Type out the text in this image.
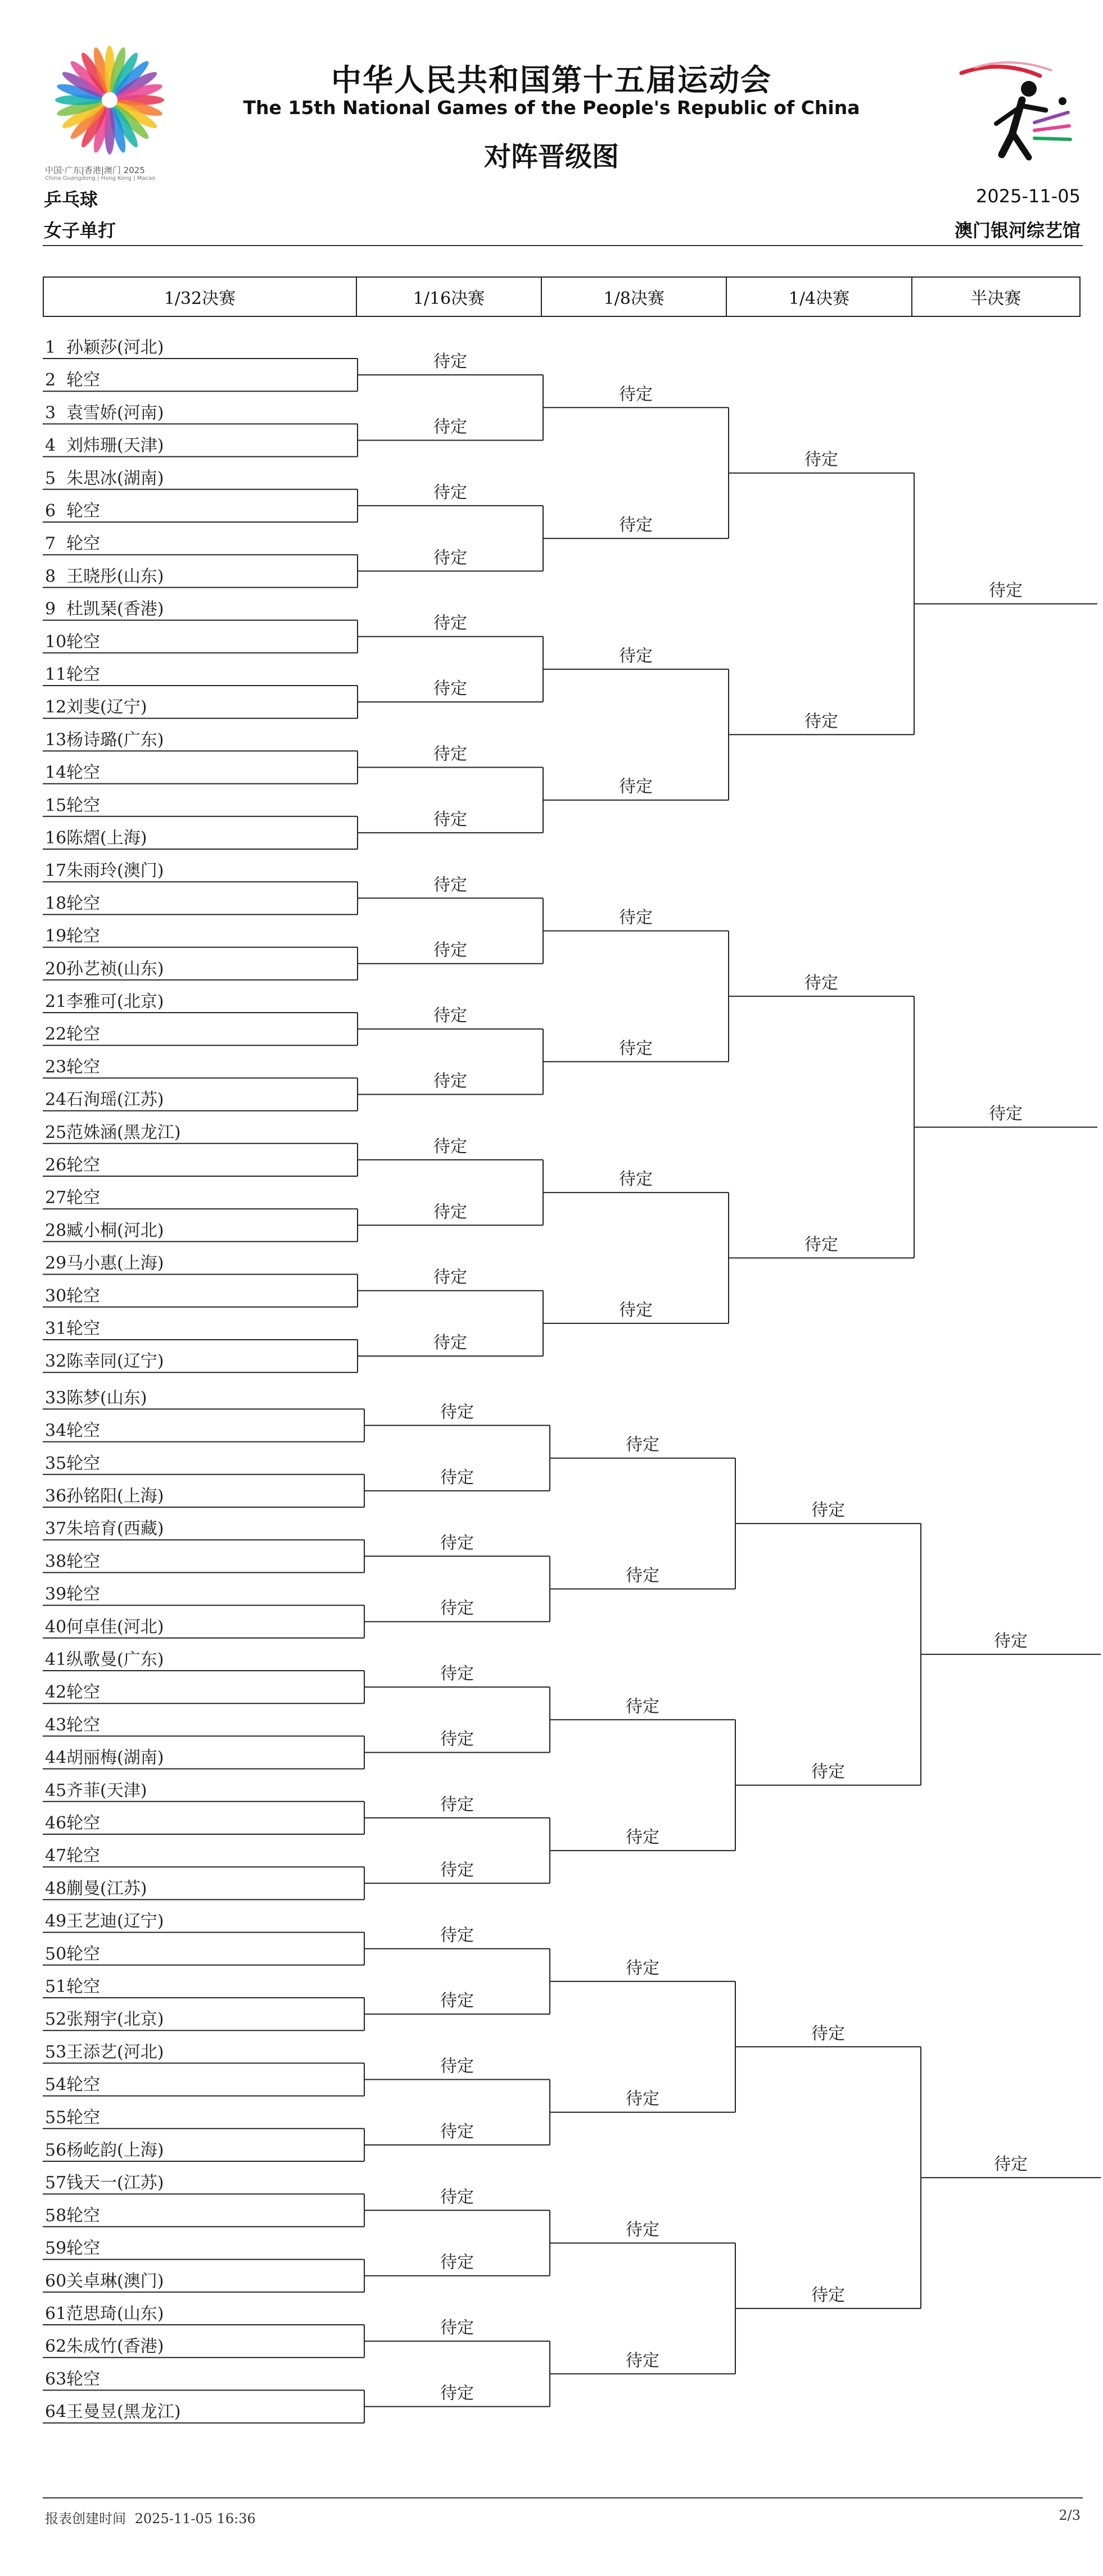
中国·广东|香港|澳门 2025
China Guangdong | Hong Kong | Macao
中华人民共和国第十五届运动会
The 15th National Games of the People's Republic of China
对阵晋级图
乒乓球
女子单打
2025-11-05
澳门银河综艺馆
1/32决赛	1/16决赛	1/8决赛	1/4决赛	半决赛
1 孙颖莎(河北)
2 轮空
3 袁雪娇(河南)
4 刘炜珊(天津)
5 朱思冰(湖南)
6 轮空
7 轮空
8 王晓彤(山东)
9 杜凯琹(香港)
10 轮空
11 轮空
12 刘斐(辽宁)
13 杨诗璐(广东)
14 轮空
15 轮空
16 陈熠(上海)
17 朱雨玲(澳门)
18 轮空
19 轮空
20 孙艺祯(山东)
21 李雅可(北京)
22 轮空
23 轮空
24 石洵瑶(江苏)
25 范姝涵(黑龙江)
26 轮空
27 轮空
28 臧小桐(河北)
29 马小惠(上海)
30 轮空
31 轮空
32 陈幸同(辽宁)
33 陈梦(山东)
34 轮空
35 轮空
36 孙铭阳(上海)
37 朱培育(西藏)
38 轮空
39 轮空
40 何卓佳(河北)
41 纵歌曼(广东)
42 轮空
43 轮空
44 胡丽梅(湖南)
45 齐菲(天津)
46 轮空
47 轮空
48 蒯曼(江苏)
49 王艺迪(辽宁)
50 轮空
51 轮空
52 张翔宇(北京)
53 王添艺(河北)
54 轮空
55 轮空
56 杨屹韵(上海)
57 钱天一(江苏)
58 轮空
59 轮空
60 关卓琳(澳门)
61 范思琦(山东)
62 朱成竹(香港)
63 轮空
64 王曼昱(黑龙江)
待定
待定
待定
待定
待定
待定
待定
待定
待定
待定
待定
待定
待定
待定
待定
待定
待定
待定
待定
待定
待定
待定
待定
待定
待定
待定
待定
待定
待定
待定
待定
待定
待定
待定
待定
待定
待定
待定
待定
待定
待定
待定
待定
待定
待定
待定
待定
待定
待定
待定
待定
待定
待定
待定
待定
待定
待定
待定
待定
待定
报表创建时间 2025-11-05 16:36	2/3
